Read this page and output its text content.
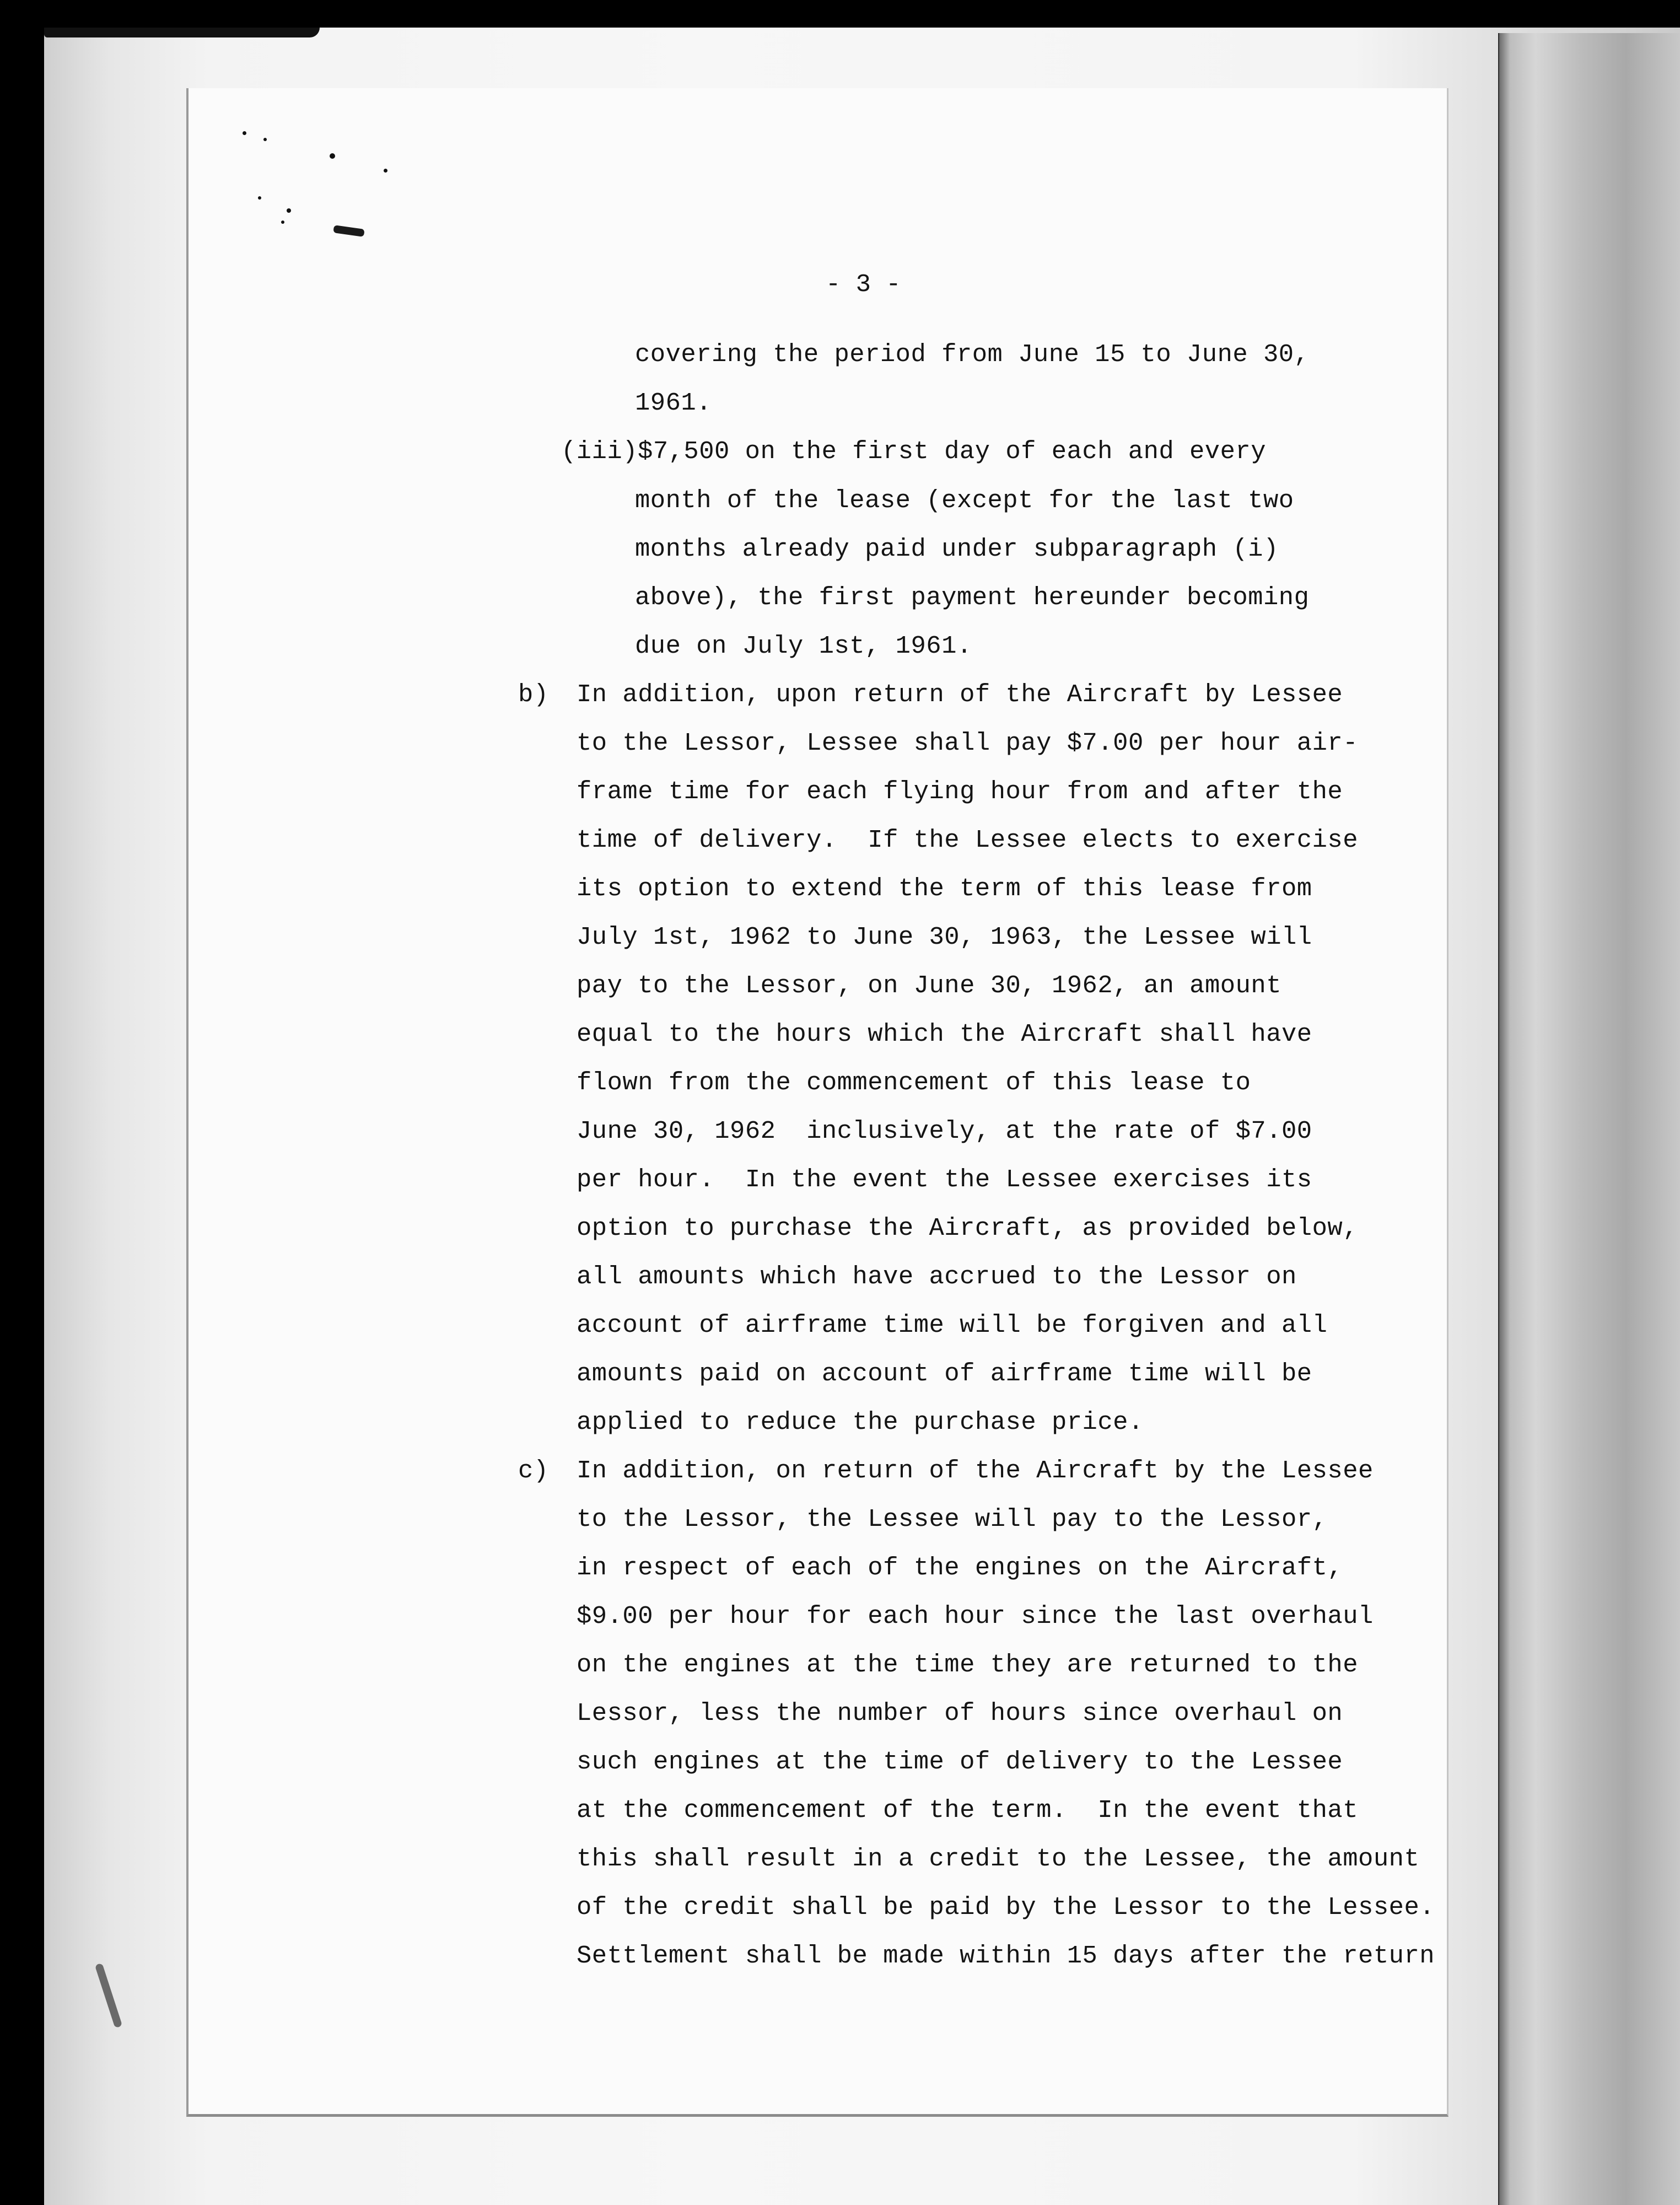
- 3 -

covering the period from June 15 to June 30,

1961.

(iii)$7,500 on the first day of each and every

month of the lease (except for the last two

months already paid under subparagraph (i)

above), the first payment hereunder becoming

due on July 1st, 1961.

b) In addition, upon return of the Aircraft by Lessee

to the Lessor, Lessee shall pay $7.00 per hour air-

frame time for each flying hour from and after the

time of delivery.  If the Lessee elects to exercise

its option to extend the term of this lease from

July 1st, 1962 to June 30, 1963, the Lessee will

pay to the Lessor, on June 30, 1962, an amount

equal to the hours which the Aircraft shall have

flown from the commencement of this lease to

June 30, 1962  inclusively, at the rate of $7.00

per hour.  In the event the Lessee exercises its

option to purchase the Aircraft, as provided below,

all amounts which have accrued to the Lessor on

account of airframe time will be forgiven and all

amounts paid on account of airframe time will be

applied to reduce the purchase price.

c) In addition, on return of the Aircraft by the Lessee

to the Lessor, the Lessee will pay to the Lessor,

in respect of each of the engines on the Aircraft,

$9.00 per hour for each hour since the last overhaul

on the engines at the time they are returned to the

Lessor, less the number of hours since overhaul on

such engines at the time of delivery to the Lessee

at the commencement of the term.  In the event that

this shall result in a credit to the Lessee, the amount

of the credit shall be paid by the Lessor to the Lessee.

Settlement shall be made within 15 days after the return
